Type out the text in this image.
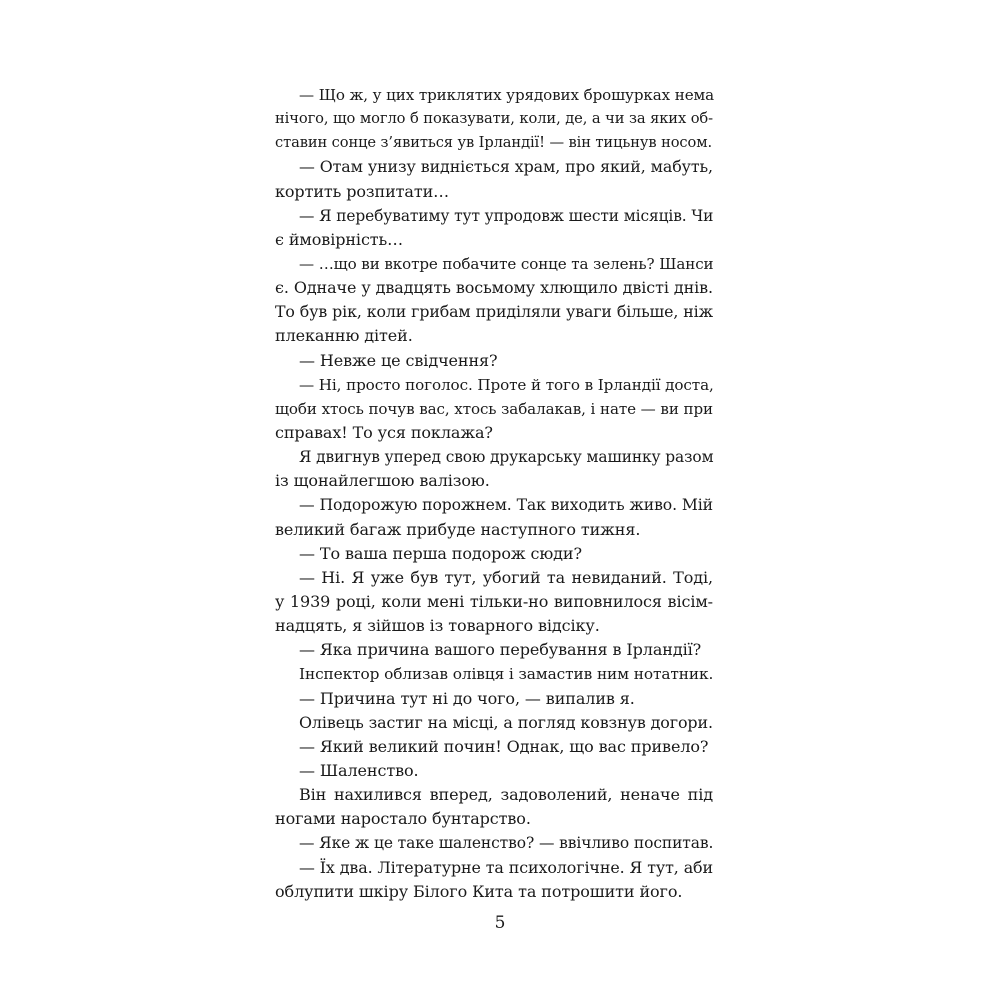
— Що ж, у цих триклятих урядових брошурках нема
нічого, що могло б показувати, коли, де, а чи за яких об-
ставин сонце з’явиться ув Ірландії! — він тицьнув носом.
— Отам унизу видніється храм, про який, мабуть,
кортить розпитати…
— Я перебуватиму тут упродовж шести місяців. Чи
є ймовірність…
— …що ви вкотре побачите сонце та зелень? Шанси
є. Одначе у двадцять восьмому хлющило двісті днів.
То був рік, коли грибам приділяли уваги більше, ніж
плеканню дітей.
— Невже це свідчення?
— Ні, просто поголос. Проте й того в Ірландії доста,
щоби хтось почув вас, хтось забалакав, і нате — ви при
справах! То уся поклажа?
Я двигнув уперед свою друкарську машинку разом
із щонайлегшою валізою.
— Подорожую порожнем. Так виходить живо. Мій
великий багаж прибуде наступного тижня.
— То ваша перша подорож сюди?
— Ні. Я уже був тут, убогий та невиданий. Тоді,
у 1939 році, коли мені тільки-но виповнилося вісім-
надцять, я зійшов із товарного відсіку.
— Яка причина вашого перебування в Ірландії?
Інспектор облизав олівця і замастив ним нотатник.
— Причина тут ні до чого, — випалив я.
Олівець застиг на місці, а погляд ковзнув догори.
— Який великий почин! Однак, що вас привело?
— Шаленство.
Він нахилився вперед, задоволений, неначе під
ногами наростало бунтарство.
— Яке ж це таке шаленство? — ввічливо поспитав.
— Їх два. Літературне та психологічне. Я тут, аби
облупити шкіру Білого Кита та потрошити його.
5
